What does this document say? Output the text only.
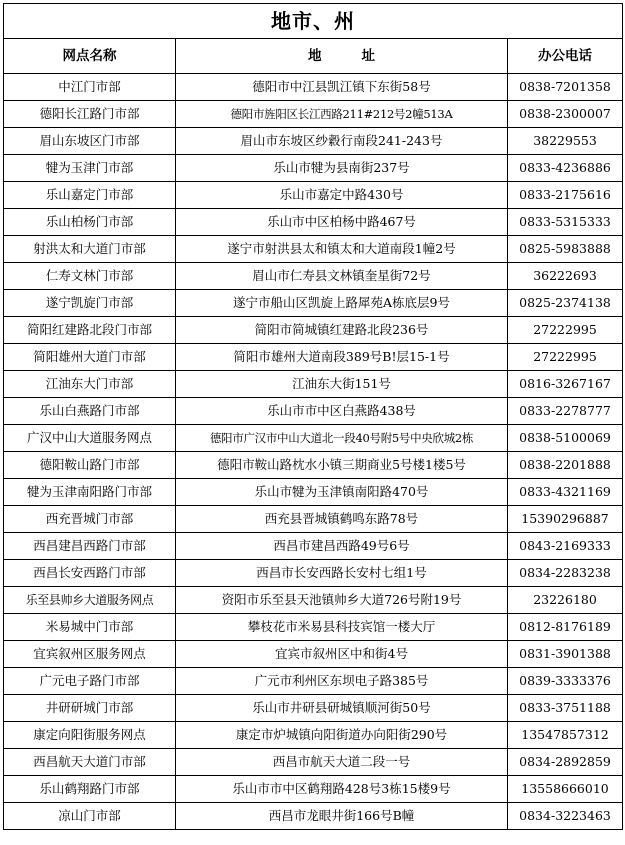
地市、州		
网点名称	地 址	办公电话
中江门市部	德阳市中江县凯江镇下东街58号	0838-7201358
德阳长江路门市部	德阳市旌阳区长江西路211#212号2幢513A	0838-2300007
眉山东坡区门市部	眉山市东坡区纱縠行南段241-243号	38229553
犍为玉津门市部	乐山市犍为县南街237号	0833-4236886
乐山嘉定门市部	乐山市嘉定中路430号	0833-2175616
乐山柏杨门市部	乐山市中区柏杨中路467号	0833-5315333
射洪太和大道门市部	遂宁市射洪县太和镇太和大道南段1幢2号	0825-5983888
仁寿文林门市部	眉山市仁寿县文林镇奎星街72号	36222693
遂宁凯旋门市部	遂宁市船山区凯旋上路犀苑A栋底层9号	0825-2374138
简阳红建路北段门市部	简阳市简城镇红建路北段236号	27222995
简阳雄州大道门市部	简阳市雄州大道南段389号B!层15-1号	27222995
江油东大门市部	江油东大街151号	0816-3267167
乐山白燕路门市部	乐山市市中区白燕路438号	0833-2278777
广汉中山大道服务网点	德阳市广汉市中山大道北一段40号附5号中央欣城2栋	0838-5100069
德阳鞍山路门市部	德阳市鞍山路枕水小镇三期商业5号楼1楼5号	0838-2201888
犍为玉津南阳路门市部	乐山市犍为玉津镇南阳路470号	0833-4321169
西充晋城门市部	西充县晋城镇鹤鸣东路78号	15390296887
西昌建昌西路门市部	西昌市建昌西路49号6号	0843-2169333
西昌长安西路门市部	西昌市长安西路长安村七组1号	0834-2283238
乐至县帅乡大道服务网点	资阳市乐至县天池镇帅乡大道726号附19号	23226180
米易城中门市部	攀枝花市米易县科技宾馆一楼大厅	0812-8176189
宜宾叙州区服务网点	宜宾市叙州区中和街4号	0831-3901388
广元电子路门市部	广元市利州区东坝电子路385号	0839-3333376
井研研城门市部	乐山市井研县研城镇顺河街50号	0833-3751188
康定向阳街服务网点	康定市炉城镇向阳街道办向阳街290号	13547857312
西昌航天大道门市部	西昌市航天大道二段一号	0834-2892859
乐山鹤翔路门市部	乐山市市中区鹤翔路428号3栋15楼9号	13558666010
凉山门市部	西昌市龙眼井街166号B幢	0834-3223463
